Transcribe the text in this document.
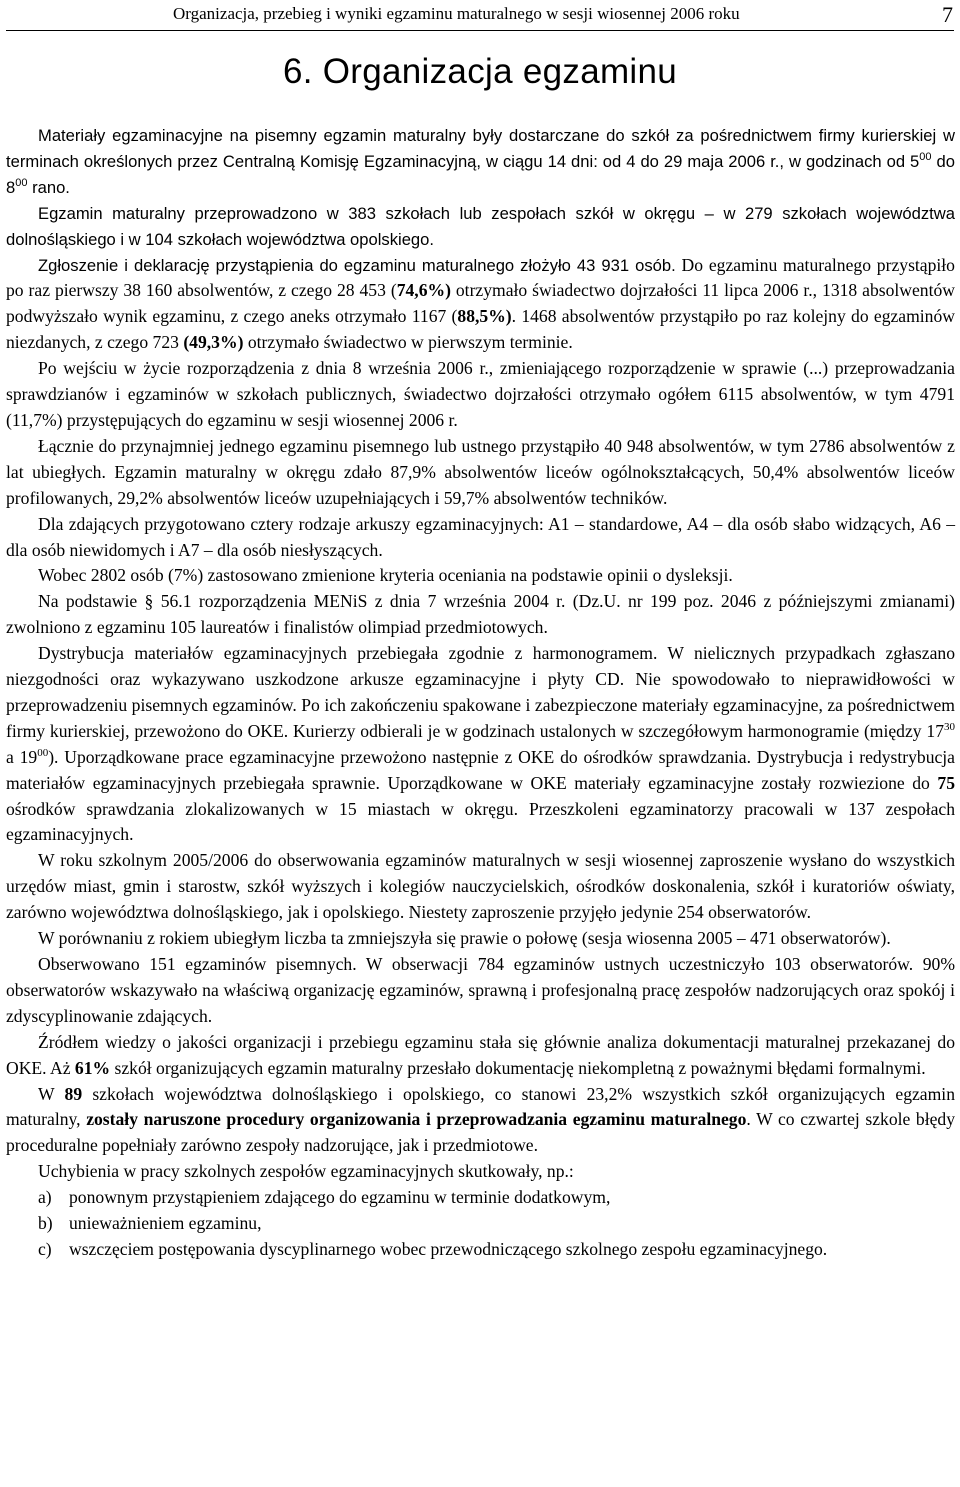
Organizacja, przebieg i wyniki egzaminu maturalnego w sesji wiosennej 2006 roku	7
6. Organizacja egzaminu

Materiały egzaminacyjne na pisemny egzamin maturalny były dostarczane do szkół za pośrednictwem firmy kurierskiej w terminach określonych przez Centralną Komisję Egzaminacyjną, w ciągu 14 dni: od 4 do 29 maja 2006 r., w godzinach od $5^{00}$ do $8^{00}$ rano.

Egzamin maturalny przeprowadzono w 383 szkołach lub zespołach szkół w okręgu – w 279 szkołach województwa dolnośląskiego i w 104 szkołach województwa opolskiego.

Zgłoszenie i deklarację przystąpienia do egzaminu maturalnego złożyło 43 931 osób. Do egzaminu maturalnego przystąpiło po raz pierwszy 38 160 absolwentów, z czego 28 453 (74,6%) otrzymało świadectwo dojrzałości 11 lipca 2006 r., 1318 absolwentów podwyższało wynik egzaminu, z czego aneks otrzymało 1167 (88,5%). 1468 absolwentów przystąpiło po raz kolejny do egzaminów niezdanych, z czego 723 (49,3%) otrzymało świadectwo w pierwszym terminie.

Po wejściu w życie rozporządzenia z dnia 8 września 2006 r., zmieniającego rozporządzenie w sprawie (...) przeprowadzania sprawdzianów i egzaminów w szkołach publicznych, świadectwo dojrzałości otrzymało ogółem 6115 absolwentów, w tym 4791 (11,7%) przystępujących do egzaminu w sesji wiosennej 2006 r.

Łącznie do przynajmniej jednego egzaminu pisemnego lub ustnego przystąpiło 40 948 absolwentów, w tym 2786 absolwentów z lat ubiegłych. Egzamin maturalny w okręgu zdało 87,9% absolwentów liceów ogólnokształcących, 50,4% absolwentów liceów profilowanych, 29,2% absolwentów liceów uzupełniających i 59,7% absolwentów techników.

Dla zdających przygotowano cztery rodzaje arkuszy egzaminacyjnych: A1 – standardowe, A4 – dla osób słabo widzących, A6 – dla osób niewidomych i A7 – dla osób niesłyszących.

Wobec 2802 osób (7%) zastosowano zmienione kryteria oceniania na podstawie opinii o dysleksji.

Na podstawie § 56.1 rozporządzenia MENiS z dnia 7 września 2004 r. (Dz.U. nr 199 poz. 2046 z późniejszymi zmianami) zwolniono z egzaminu 105 laureatów i finalistów olimpiad przedmiotowych.

Dystrybucja materiałów egzaminacyjnych przebiegała zgodnie z harmonogramem. W nielicznych przypadkach zgłaszano niezgodności oraz wykazywano uszkodzone arkusze egzaminacyjne i płyty CD. Nie spowodowało to nieprawidłowości w przeprowadzeniu pisemnych egzaminów. Po ich zakończeniu spakowane i zabezpieczone materiały egzaminacyjne, za pośrednictwem firmy kurierskiej, przewożono do OKE. Kurierzy odbierali je w godzinach ustalonych w szczegółowym harmonogramie (między $17^{30}$ a $19^{00}$). Uporządkowane prace egzaminacyjne przewożono następnie z OKE do ośrodków sprawdzania. Dystrybucja i redystrybucja materiałów egzaminacyjnych przebiegała sprawnie. Uporządkowane w OKE materiały egzaminacyjne zostały rozwiezione do 75 ośrodków sprawdzania zlokalizowanych w 15 miastach w okręgu. Przeszkoleni egzaminatorzy pracowali w 137 zespołach egzaminacyjnych.

W roku szkolnym 2005/2006 do obserwowania egzaminów maturalnych w sesji wiosennej zaproszenie wysłano do wszystkich urzędów miast, gmin i starostw, szkół wyższych i kolegiów nauczycielskich, ośrodków doskonalenia, szkół i kuratoriów oświaty, zarówno województwa dolnośląskiego, jak i opolskiego. Niestety zaproszenie przyjęło jedynie 254 obserwatorów.

W porównaniu z rokiem ubiegłym liczba ta zmniejszyła się prawie o połowę (sesja wiosenna 2005 – 471 obserwatorów).

Obserwowano 151 egzaminów pisemnych. W obserwacji 784 egzaminów ustnych uczestniczyło 103 obserwatorów. 90% obserwatorów wskazywało na właściwą organizację egzaminów, sprawną i profesjonalną pracę zespołów nadzorujących oraz spokój i zdyscyplinowanie zdających.

Źródłem wiedzy o jakości organizacji i przebiegu egzaminu stała się głównie analiza dokumentacji maturalnej przekazanej do OKE. Aż 61% szkół organizujących egzamin maturalny przesłało dokumentację niekompletną z poważnymi błędami formalnymi.

W 89 szkołach województwa dolnośląskiego i opolskiego, co stanowi 23,2% wszystkich szkół organizujących egzamin maturalny, zostały naruszone procedury organizowania i przeprowadzania egzaminu maturalnego. W co czwartej szkole błędy proceduralne popełniały zarówno zespoły nadzorujące, jak i przedmiotowe.

Uchybienia w pracy szkolnych zespołów egzaminacyjnych skutkowały, np.:

a) ponownym przystąpieniem zdającego do egzaminu w terminie dodatkowym,
b) unieważnieniem egzaminu,
c) wszczęciem postępowania dyscyplinarnego wobec przewodniczącego szkolnego zespołu egzaminacyjnego.
